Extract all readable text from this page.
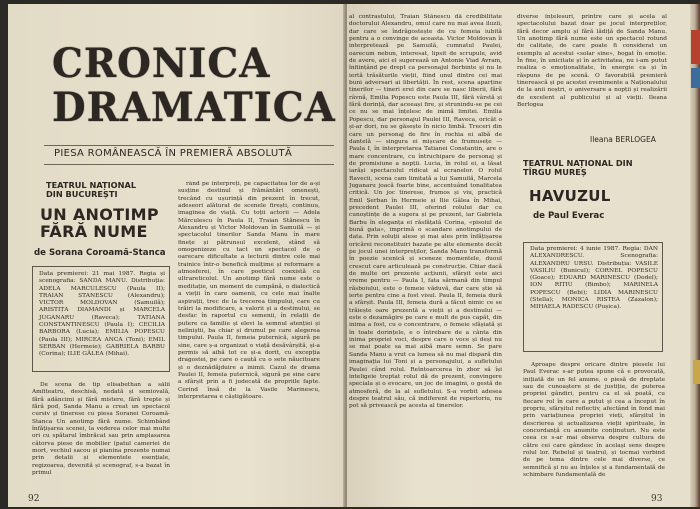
CRONICA
DRAMATICA
PIESA ROMÂNEASCĂ ÎN PREMIERĂ ABSOLUTĂ
TEATRUL NAȚIONAL DIN BUCUREȘTI
UN ANOTIMP
FĂRĂ NUME
de Sorana Coroamă-Stanca
Data premierei: 21 mai 1987. Regia și scenografia: SANDA MANU. Distribuția: ADELA MARCULESCU (Paula II); TRAIAN STANESCU (Alexandru); VICTOR MOLDOVAN (Samuilă); ARISTIȚA DIAMANDI și MARCELA JUGANARU (Raveca); TATIANA CONSTANTINESCU (Paula I); CECILIA BARBORA (Lucia); EMILIA POPESCU (Paula III); MIRCEA ANCA (Toni); EMIL SERBAN (Hermeie); GABRIELA BARBU (Corina); ILIE GÂLEA (Mihai).
De scena de tip elisabethan a sălii Amfiteatru, deschisă, nedată și semiovală, fără adâncimi și fără mistere, fără trepte și fără pod, Sanda Manu a creat un spectacol cursiv și tinerese cu piesa Soranei Coroamă-Stanca Un anotimp fără nume. Schimbând înfățișarea scenei, la vederea celor mai multe ori cu spătarul îmbrăcat sau prin amplasarea câtorva piese de mobilier (patul cameriei de mort, vechiul sacou și pianina prezente numai prin detalii și elementele esențiale, regizoarea, devenită și scenograf, s-a bazat în primul
rând pe interpreți, pe capacitatea lor de a-și susține destinul și frământări omenești, trecând cu ușurință din prezent în trecut, adeseori alăturat de scenele firești, continuu, imaginea de viață. Cu toții actorii — Adela Mărculescu în Paula II, Traian Stănescu în Alexandru și Victor Moldovan în Samuilă — și spectacolul tinerilor Sanda Manu în mare finețe și pătrunsul excelent, stând să omogenizeze cu tact un spectacol de o oarecare dificultate a lecturii dintre cele mai trainice într-o benefică mulțime și reformare a atmosferei, în care poeticul coexistă cu ultrareticolul. Un anotimp fără nume este o meditație, un moment de cumpănă, o dialectică a vieții în care oamenii, cu cele mai înalte aspirații, trec de la trecerea timpului, care cu trăiri la modificare, a valorii și a destinului, se desfac în raportul cu semenii, în relații de putere ca familie și elevi la semnul atenției și neliniștii, ba chiar și drumul pe care alegerea timpului. Paula II, femeia puternică, sigură pe sine, care ș-a organizat o viață desăvârșită, și-a permis să aibă tot ce și-a dorit, cu excepția dragostei, pe care o caută cu o sete năucitoare și o deznădăjduire a inimii. Cazul de drama Paulei II, femeia puternică, sigură pe sine care a sfârșit prin a fi judecată de propriile fapte. Cerind însă de la Vasile Marinescu, interpretarea e câștigătoare.
92
al contrastului, Traian Stănescu dă credibilitate doctorului Alexandru, omul care nu mai avea iluzii, dar care se îndrăgostește de cu femeia iubită pentru a o convinge de aceasta. Victor Moldovan îi interpretează pe Samuilă, cumnatul Paulei, oarecum nebun, interesat, lipsit de scrupule, avid de avere, aici el sugerează un Antonie Viad Avram, înființând pe drept ca personajul fierbinte și nu le iertă trăsăturile vieții, fiind unul dintre cei mai buni adversari ai libertății. În rest, scena aparține tinerilor — tineri erei din care se nasc liberii, fără râvnă, Emilia Popescu este Paula III, fără vârstă și fără dorință, dar aceeași fire, și strunindu-se pe cei ce nu se mai înțelesc de inimă limitei. Emilia Popescu, dar personajul Paulei III, Raveca, oricât o și-ar dori, nu se găsește în nicio limbă. Treceri din care un personaj de fire în rochia ei albă de dantelă — singura ei mișcare de frumusețe — Paula I, în interpretarea Tatianei Constantin, are o mare concentrare, cu întruchipare de personaj și de promisiune a nopții. Lucia, în rolul ei, a lăsat iarăși spectacolul ridicat al ecranelor. O rolul Ravecii, scena cam limitată a lui Samuilă, Marcela Juganaru joacă foarte bine, accentuând tonalitatea critică. Un joc tinerese, frumos și viu, practică Emil Șerban în Hermeie și Ilie Gâlea în Mihai, precedent Paulei III, oferind rolului dar cu cunoștințe de a sugera și pe prezent, iar Gabriela Barbu în eleganța ei răsfățată Corina, «pisoiul de bună gata», imprimă o scandare anotimpului de data. Prin soluții alese și mai ales prin înfățișarea oricărei reconstituiri bazate pe alte elemente decât pe jocul unei interpreților, Sanda Manu transformă în poezie scenică și sceneze momentele, duoul crescut care articulează pe construcție. Chiar dacă de multe ori prezente acțiunii, sfârșit este aici vreme pentru — Paula I, fata sărmană din timpul răsboiului, este o femeie văduvă, dar care știe să ierte pentru cine a fost visul. Paula II, femeia dură a sfârșit. Paula III, femeia dură a făcut nimic ce se trăiește oare prezentă a vieții și a destinului — este o dezamăgire pe care e mult de pus capăt, din inima a fost, cu o concentrare, o femeie sfâșiată și în toate dorințele, e o întrebare de a cânta din inima propriei voci, despre care o voce și deși nu se mai poate sa mai aibă mare semn. Se pare Sanda Manu a vrut ca lumea să nu mai dispară din imaginația lui Toni și a personajului, a sufletului Paulei când rolul. Reîntoarcerea în zbor să își inteligeie treptat rolul dă de prezent, convingere speciala și o evocare, un joc de imagini, o gestă de atmosferă, de la al sufletului. S-a vorbit adesea despre teatrul său, că indiferent de repertoriu, nu pot să privească pe acesta al tinerelor.
diverse înțelesuri, printre care și acela al spectacolului bazat doar pe jocul interpreților, fără decor amplu și fără lădiță de Sanda Manu. Un anotimp fără nume este un spectacol rotund de calitate, de care poate fi considerat un exemplu al acestui «solar sine», bogat în emoție. În fine, în unicitate și în activitatea, nu i-am putut realiza o emoționalitate, în energie ca și în răspuns de pe scenă. O favorabilă premieră tinerească și pe acestei evenimente a Naționalului de la anii noștri, o aniversare a nopții și realizării de excelent al publicului și al vieții. Ileana Berlogea
Ileana BERLOGEA
TEATRUL NAȚIONAL DIN TÎRGU MUREȘ
HAVUZUL
de Paul Everac
Data premierei: 4 iunie 1987. Regia: DAN ALEXANDRESCU. Scenografia: ALEXANDRU URSU. Distribuția: VASILE VASILIU (Bunicul); CORNEL POPESCU (Goace); EDUARD MARINESCU (Dodel); ION RITIU (Bimbo); MARINELA POPESCU (Bebi); LIDIA MARINESCU (Stella); MONICA RISTEA (Zazalon); MIHAELA RADESCU (Pușica).
Aproape despre oricare dintre piesele lui Paul Everac s-ar putea spune că e provocată, inițiată de un fel anume, o piesă de dreptate sau de cunoaștere și de justiție, de puterea propriei gândiri, pentru ca el să poată, cu fiecare rol în care a putut și cea a început în propriu, sfârșitul reflectiv, afectând în fond mai prin variațiunea propriei vieți, sfârșitul în descrierea și actualizarea vieții spirituale, în concordanță cu anumite conținuturi. Nu este ceea ce s-ar mai observa despre cultura de către cei care gândesc în același sens despre rolul lor. Rebelul și teatrul, și tocmai vorbind de pe tema dintre cele mai diverse, ce semnifică și nu au înțeles și a fundamentală de schimbare fundamentală de
93
